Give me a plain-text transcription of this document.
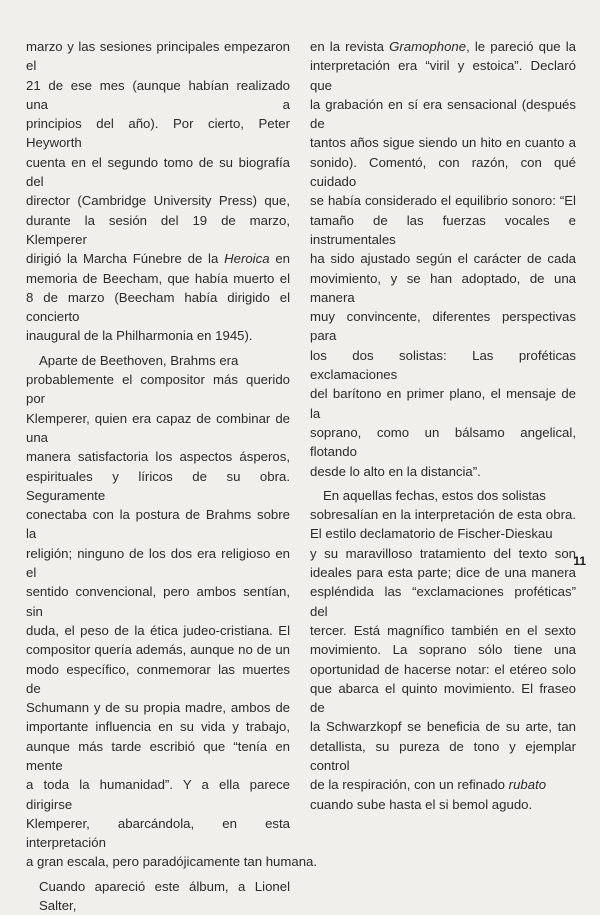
marzo y las sesiones principales empezaron el
21 de ese mes (aunque habían realizado una a
principios del año). Por cierto, Peter Heyworth
cuenta en el segundo tomo de su biografía del
director (Cambridge University Press) que,
durante la sesión del 19 de marzo, Klemperer
dirigió la Marcha Fúnebre de la Heroica en
memoria de Beecham, que había muerto el
8 de marzo (Beecham había dirigido el concierto
inaugural de la Philharmonia en 1945).

Aparte de Beethoven, Brahms era
probablemente el compositor más querido por
Klemperer, quien era capaz de combinar de una
manera satisfactoria los aspectos ásperos,
espirituales y líricos de su obra. Seguramente
conectaba con la postura de Brahms sobre la
religión; ninguno de los dos era religioso en el
sentido convencional, pero ambos sentían, sin
duda, el peso de la ética judeo-cristiana. El
compositor quería además, aunque no de un
modo específico, conmemorar las muertes de
Schumann y de su propia madre, ambos de
importante influencia en su vida y trabajo,
aunque más tarde escribió que “tenía en mente
a toda la humanidad”. Y a ella parece dirigirse
Klemperer, abarcándola, en esta interpretación
a gran escala, pero paradójicamente tan humana.

Cuando apareció este álbum, a Lionel Salter,

en la revista Gramophone, le pareció que la
interpretación era “viril y estoica”. Declaró que
la grabación en sí era sensacional (después de
tantos años sigue siendo un hito en cuanto a
sonido). Comentó, con razón, con qué cuidado
se había considerado el equilibrio sonoro: “El
tamaño de las fuerzas vocales e instrumentales
ha sido ajustado según el carácter de cada
movimiento, y se han adoptado, de una manera
muy convincente, diferentes perspectivas para
los dos solistas: Las proféticas exclamaciones
del barítono en primer plano, el mensaje de la
soprano, como un bálsamo angelical, flotando
desde lo alto en la distancia”.

En aquellas fechas, estos dos solistas
sobresalían en la interpretación de esta obra.
El estilo declamatorio de Fischer-Dieskau
y su maravilloso tratamiento del texto son
ideales para esta parte; dice de una manera
espléndida las “exclamaciones proféticas” del
tercer. Está magnífico también en el sexto
movimiento. La soprano sólo tiene una
oportunidad de hacerse notar: el etéreo solo
que abarca el quinto movimiento. El fraseo de
la Schwarzkopf se beneficia de su arte, tan
detallista, su pureza de tono y ejemplar control
de la respiración, con un refinado rubato
cuando sube hasta el si bemol agudo.

11
